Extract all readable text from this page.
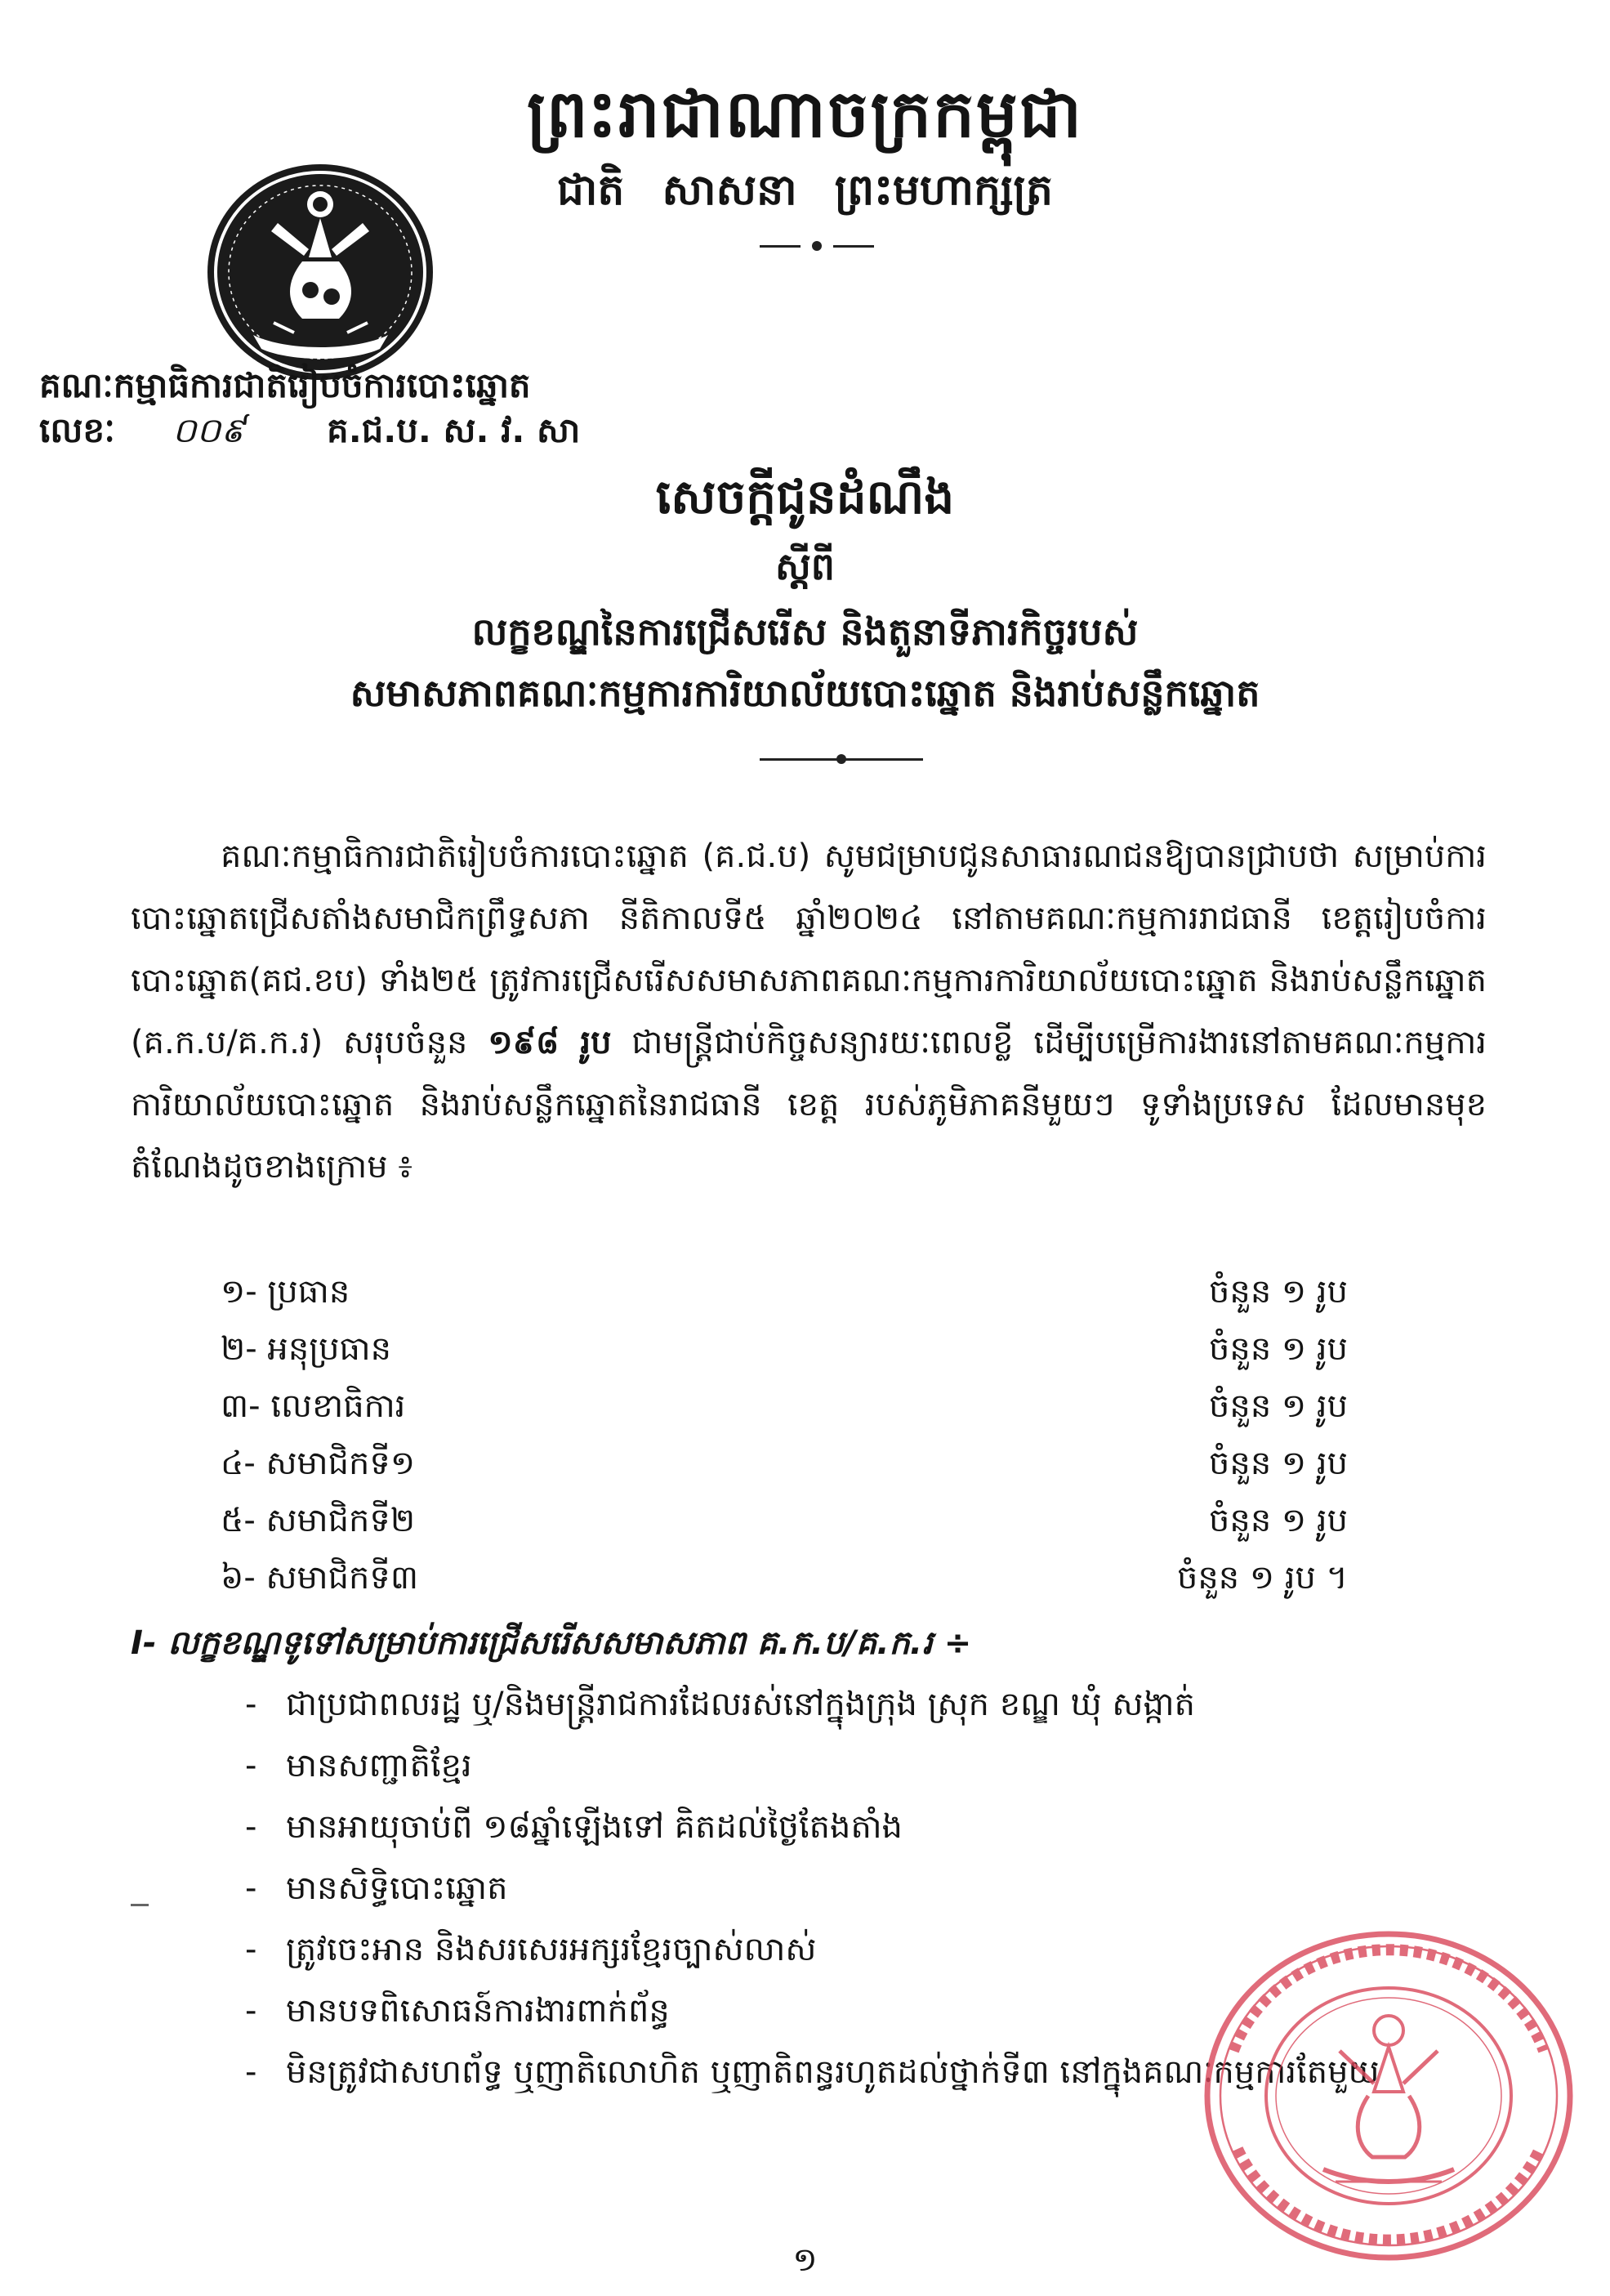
ព្រះរាជាណាចក្រកម្ពុជា
ជាតិ សាសនា ព្រះមហាក្សត្រ
គណៈកម្មាធិការជាតិរៀបចំការបោះឆ្នោត
លេខៈ ០០៩ គ.ជ.ប. ស. វ. សា
សេចក្តីជូនដំណឹង
ស្តីពី
លក្ខខណ្ឌនៃការជ្រើសរើស និងតួនាទីភារកិច្ចរបស់
សមាសភាពគណៈកម្មការការិយាល័យបោះឆ្នោត និងរាប់សន្លឹកឆ្នោត
គណៈកម្មាធិការជាតិរៀបចំការបោះឆ្នោត (គ.ជ.ប) សូមជម្រាបជូនសាធារណជនឱ្យបានជ្រាបថា សម្រាប់ការបោះឆ្នោតជ្រើសតាំងសមាជិកព្រឹទ្ធសភា នីតិកាលទី៥ ឆ្នាំ២០២៤ នៅតាមគណៈកម្មការរាជធានី ខេត្តរៀបចំការបោះឆ្នោត(គជ.ខប) ទាំង២៥ ត្រូវការជ្រើសរើសសមាសភាពគណៈកម្មការការិយាល័យបោះឆ្នោត និងរាប់សន្លឹកឆ្នោត (គ.ក.ប/គ.ក.រ) សរុបចំនួន ១៩៨ រូប ជាមន្ត្រីជាប់កិច្ចសន្យារយៈពេលខ្លី ដើម្បីបម្រើការងារនៅតាមគណៈកម្មការការិយាល័យបោះឆ្នោត និងរាប់សន្លឹកឆ្នោតនៃរាជធានី ខេត្ត របស់ភូមិភាគនីមួយៗ ទូទាំងប្រទេស ដែលមានមុខតំណែងដូចខាងក្រោម ៖
១- ប្រធាន	ចំនួន ១ រូប
២- អនុប្រធាន	ចំនួន ១ រូប
៣- លេខាធិការ	ចំនួន ១ រូប
៤- សមាជិកទី១	ចំនួន ១ រូប
៥- សមាជិកទី២	ចំនួន ១ រូប
៦- សមាជិកទី៣	ចំនួន ១ រូប ។
I- លក្ខខណ្ឌទូទៅសម្រាប់ការជ្រើសរើសសមាសភាព គ.ក.ប/គ.ក.រ ÷
- ជាប្រជាពលរដ្ឋ ឬ/និងមន្ត្រីរាជការដែលរស់នៅក្នុងក្រុង ស្រុក ខណ្ឌ ឃុំ សង្កាត់
- មានសញ្ជាតិខ្មែរ
- មានអាយុចាប់ពី ១៨ឆ្នាំឡើងទៅ គិតដល់ថ្ងៃតែងតាំង
- មានសិទ្ធិបោះឆ្នោត
- ត្រូវចេះអាន និងសរសេរអក្សរខ្មែរច្បាស់លាស់
- មានបទពិសោធន៍ការងារពាក់ព័ន្ធ
- មិនត្រូវជាសហព័ទ្ធ ឬញាតិលោហិត ឬញាតិពន្ធរហូតដល់ថ្នាក់ទី៣ នៅក្នុងគណៈកម្មការតែមួយ
១
